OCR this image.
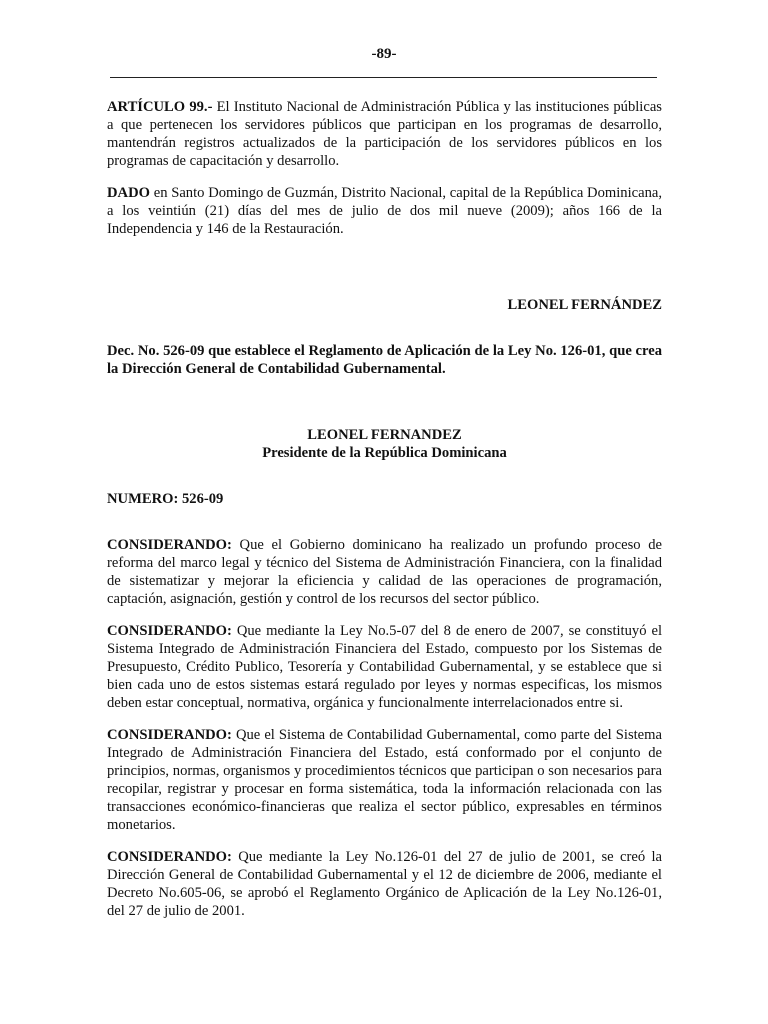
-89-

ARTÍCULO 99.- El Instituto Nacional de Administración Pública y las instituciones públicas a que pertenecen los servidores públicos que participan en los programas de desarrollo, mantendrán registros actualizados de la participación de los servidores públicos en los programas de capacitación y desarrollo.

DADO en Santo Domingo de Guzmán, Distrito Nacional, capital de la República Dominicana, a los veintiún (21) días del mes de julio de dos mil nueve (2009); años 166 de la Independencia y 146 de la Restauración.

LEONEL FERNÁNDEZ

Dec. No. 526-09 que establece el Reglamento de Aplicación de la Ley No. 126-01, que crea la Dirección General de Contabilidad Gubernamental.

LEONEL FERNANDEZ

Presidente de la República Dominicana

NUMERO: 526-09

CONSIDERANDO: Que el Gobierno dominicano ha realizado un profundo proceso de reforma del marco legal y técnico del Sistema de Administración Financiera, con la finalidad de sistematizar y mejorar la eficiencia y calidad de las operaciones de programación, captación, asignación, gestión y control de los recursos del sector público.

CONSIDERANDO: Que mediante la Ley No.5-07 del 8 de enero de 2007, se constituyó el Sistema Integrado de Administración Financiera del Estado, compuesto por los Sistemas de Presupuesto, Crédito Publico, Tesorería y Contabilidad Gubernamental, y se establece que si bien cada uno de estos sistemas estará regulado por leyes y normas especificas, los mismos deben estar conceptual, normativa, orgánica y funcionalmente interrelacionados entre si.

CONSIDERANDO: Que el Sistema de Contabilidad Gubernamental, como parte del Sistema Integrado de Administración Financiera del Estado, está conformado por el conjunto de principios, normas, organismos y procedimientos técnicos que participan o son necesarios para recopilar, registrar y procesar en forma sistemática, toda la información relacionada con las transacciones económico-financieras que realiza el sector público, expresables en términos monetarios.

CONSIDERANDO: Que mediante la Ley No.126-01 del 27 de julio de 2001, se creó la Dirección General de Contabilidad Gubernamental y el 12 de diciembre de 2006, mediante el Decreto No.605-06, se aprobó el Reglamento Orgánico de Aplicación de la Ley No.126-01, del 27 de julio de 2001.
